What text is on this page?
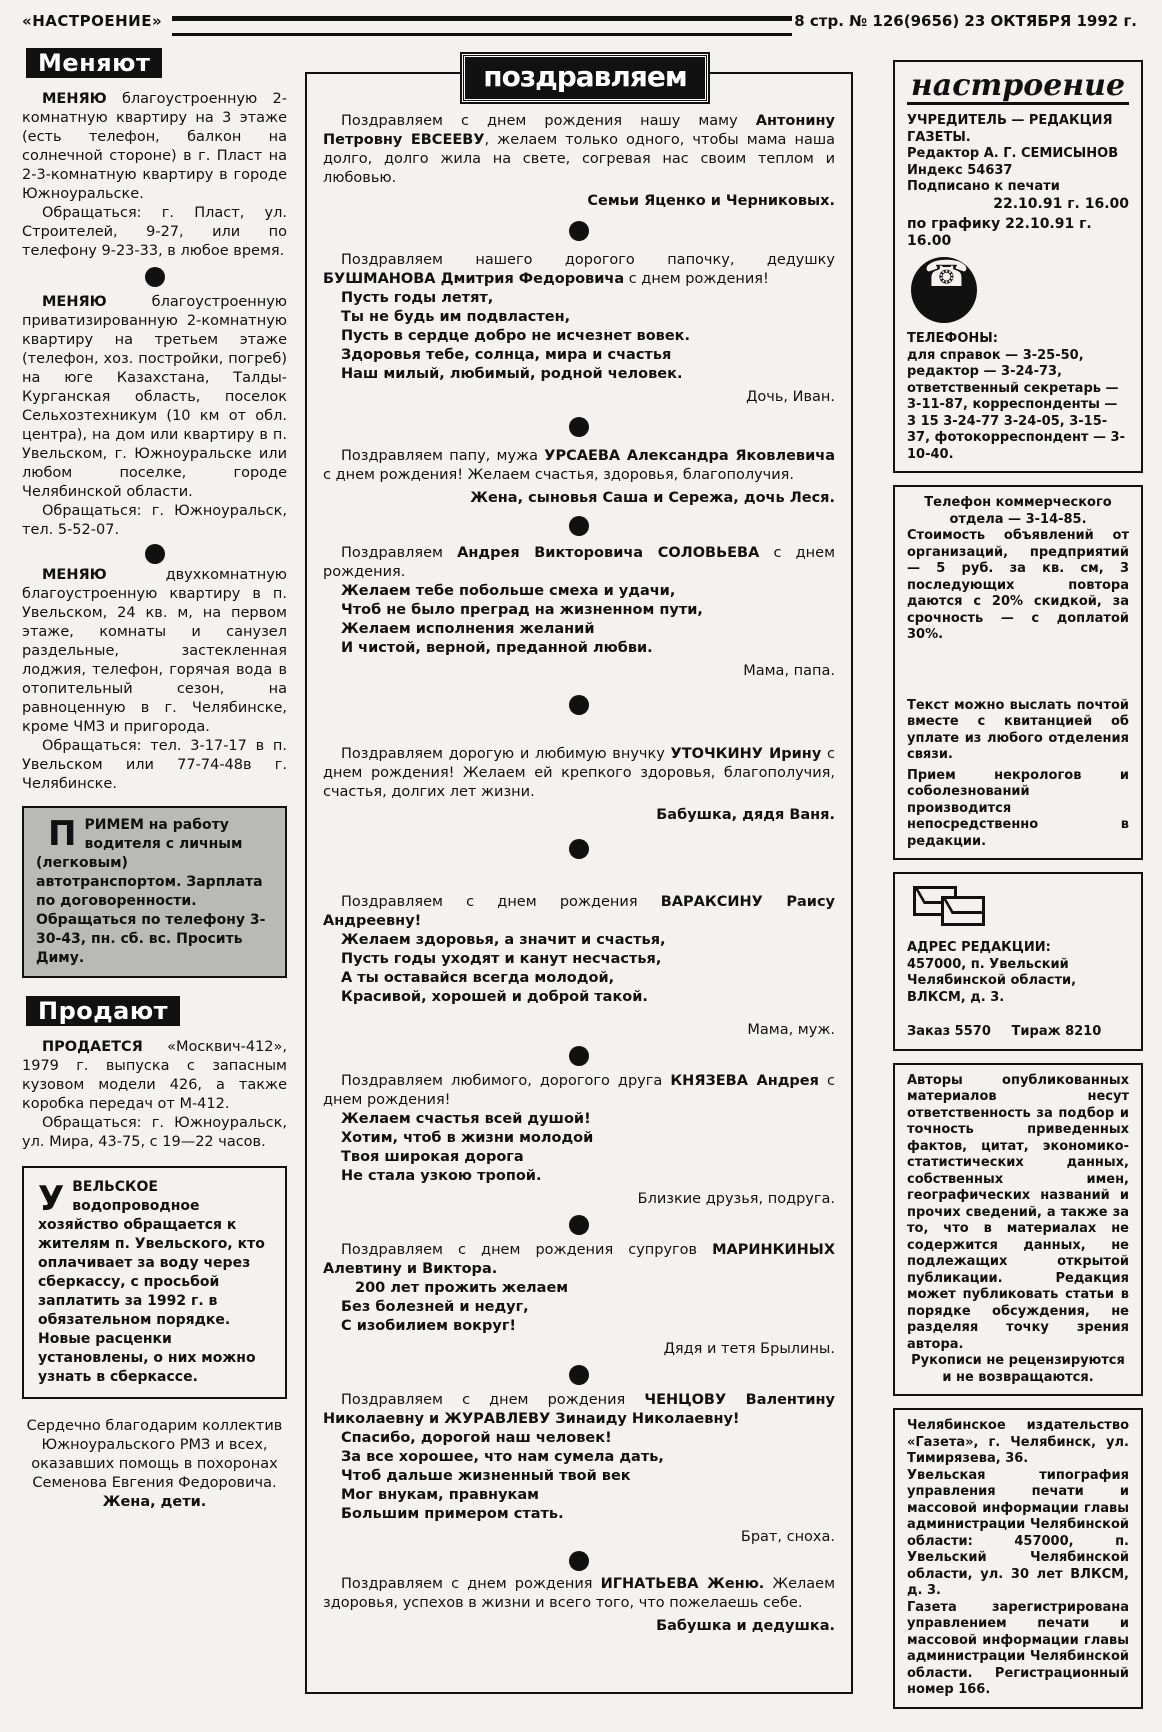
«НАСТРОЕНИЕ»	8 стр. № 126(9656) 23 ОКТЯБРЯ 1992 г.
Меняют

МЕНЯЮ благоустроенную 2-комнатную квартиру на 3 этаже (есть телефон, балкон на солнечной стороне) в г. Пласт на 2-3-комнатную квартиру в городе Южноуральске.

Обращаться: г. Пласт, ул. Строителей, 9-27, или по телефону 9-23-33, в любое время.

МЕНЯЮ	благоустроенную приватизированную 2-комнатную квартиру на третьем этаже (телефон, хоз. постройки, погреб) на юге Казахстана, Талды-Курганская область, поселок Сельхозтехникум (10 км от обл. центра), на дом или квартиру в п. Увельском, г. Южноуральске или любом поселке, городе Челябинской области.

Обращаться: г. Южноуральск, тел. 5-52-07.

МЕНЯЮ	двухкомнатную благоустроенную квартиру в п. Увельском, 24 кв. м, на первом этаже, комнаты и санузел раздельные, застекленная лоджия, телефон, горячая вода в отопительный сезон, на равноценную в г. Челябинске, кроме ЧМЗ и пригорода.

Обращаться: тел. 3-17-17 в п. Увельском или 77-74-48в г. Челябинске.

П РИМЕМ на работу водителя с личным (легковым) автотранспортом. Зарплата по договоренности. Обращаться по телефону 3-30-43, пн. сб. вс. Просить Диму.
Продают

ПРОДАЕТСЯ «Москвич-412», 1979 г. выпуска с запасным кузовом модели 426, а также коробка передач от М-412.

Обращаться: г. Южноуральск, ул. Мира, 43-75, с 19—22 часов.

У ВЕЛЬСКОЕ водопроводное хозяйство обращается к жителям п. Увельского, кто оплачивает за воду через сберкассу, с просьбой заплатить за 1992 г. в обязательном порядке. Новые расценки установлены, о них можно узнать в сберкассе.
Сердечно благодарим коллектив Южноуральского РМЗ и всех, оказавших помощь в похоронах Семенова Евгения Федоровича.
Жена, дети.
поздравляем

Поздравляем с днем рождения нашу маму Антонину Петровну ЕВСЕЕВУ, желаем только одного, чтобы мама наша долго, долго жила на свете, согревая нас своим теплом и любовью.

Семьи Яценко и Черниковых.

Поздравляем нашего дорогого папочку, дедушку БУШМАНОВА Дмитрия Федоровича с днем рождения!

Пусть годы летят,

Ты не будь им подвластен,

Пусть в сердце добро не исчезнет вовек.

Здоровья тебе, солнца, мира и счастья

Наш милый, любимый, родной человек.

Дочь, Иван.

Поздравляем папу, мужа УРСАЕВА Александра Яковлевича с днем рождения! Желаем счастья, здоровья, благополучия.

Жена, сыновья Саша и Сережа, дочь Леся.

Поздравляем Андрея Викторовича СОЛОВЬЕВА с днем рождения.

Желаем тебе побольше смеха и удачи,

Чтоб не было преград на жизненном пути,

Желаем исполнения желаний

И чистой, верной, преданной любви.

Мама, папа.

Поздравляем дорогую и любимую внучку УТОЧКИНУ Ирину с днем рождения! Желаем ей крепкого здоровья, благополучия, счастья, долгих лет жизни.

Бабушка, дядя Ваня.

Поздравляем с днем рождения ВАРАКСИНУ Раису Андреевну!

Желаем здоровья, а значит и счастья,

Пусть годы уходят и канут несчастья,

А ты оставайся всегда молодой,

Красивой, хорошей и доброй такой.

Мама, муж.

Поздравляем любимого, дорогого друга КНЯЗЕВА Андрея с днем рождения!

Желаем счастья всей душой!

Хотим, чтоб в жизни молодой

Твоя широкая дорога

Не стала узкою тропой.

Близкие друзья, подруга.

Поздравляем с днем рождения супругов МАРИНКИНЫХ Алевтину и Виктора.

200 лет прожить желаем

Без болезней и недуг,

С изобилием вокруг!

Дядя и тетя Брылины.

Поздравляем с днем рождения ЧЕНЦОВУ Валентину Николаевну и ЖУРАВЛЕВУ Зинаиду Николаевну!

Спасибо, дорогой наш человек!

За все хорошее, что нам сумела дать,

Чтоб дальше жизненный твой век

Мог внукам, правнукам

Большим примером стать.

Брат, сноха.

Поздравляем с днем рождения ИГНАТЬЕВА Женю. Желаем здоровья, успехов в жизни и всего того, что пожелаешь себе.

Бабушка и дедушка.

настроение
УЧРЕДИТЕЛЬ — РЕДАКЦИЯ ГАЗЕТЫ.
Редактор А. Г. СЕМИСЫНОВ
Индекс 54637
Подписано к печати
22.10.91 г. 16.00
по графику 22.10.91 г. 16.00
☎
ТЕЛЕФОНЫ:
для справок — 3-25-50, редактор — 3-24-73, ответственный секретарь — 3-11-87, корреспонденты — 3 15 3-24-77 3-24-05, 3-15-37, фотокорреспондент — 3-10-40.
Телефон коммерческого отдела — 3-14-85.
Стоимость объявлений от организаций, предприятий — 5 руб. за кв. см, 3 последующих повтора даются с 20% скидкой, за срочность — с доплатой 30%.
Текст можно выслать почтой вместе с квитанцией об уплате из любого отделения связи.
Прием некрологов и соболезнований производится непосредственно в редакции.
АДРЕС РЕДАКЦИИ:
457000, п. Увельский Челябинской области, ВЛКСМ, д. 3.
Заказ 5570 Тираж 8210
Авторы опубликованных материалов несут ответственность за подбор и точность приведенных фактов, цитат, экономико-статистических данных, собственных имен, географических названий и прочих сведений, а также за то, что в материалах не содержится данных, не подлежащих открытой публикации. Редакция может публиковать статьи в порядке обсуждения, не разделяя точку зрения автора.
Рукописи не рецензируются и не возвращаются.
Челябинское издательство «Газета», г. Челябинск, ул. Тимирязева, 36.
Увельская типография управления печати и массовой информации главы администрации Челябинской области: 457000, п. Увельский Челябинской области, ул. 30 лет ВЛКСМ, д. 3.
Газета зарегистрирована управлением печати и массовой информации главы администрации Челябинской области. Регистрационный номер 166.
